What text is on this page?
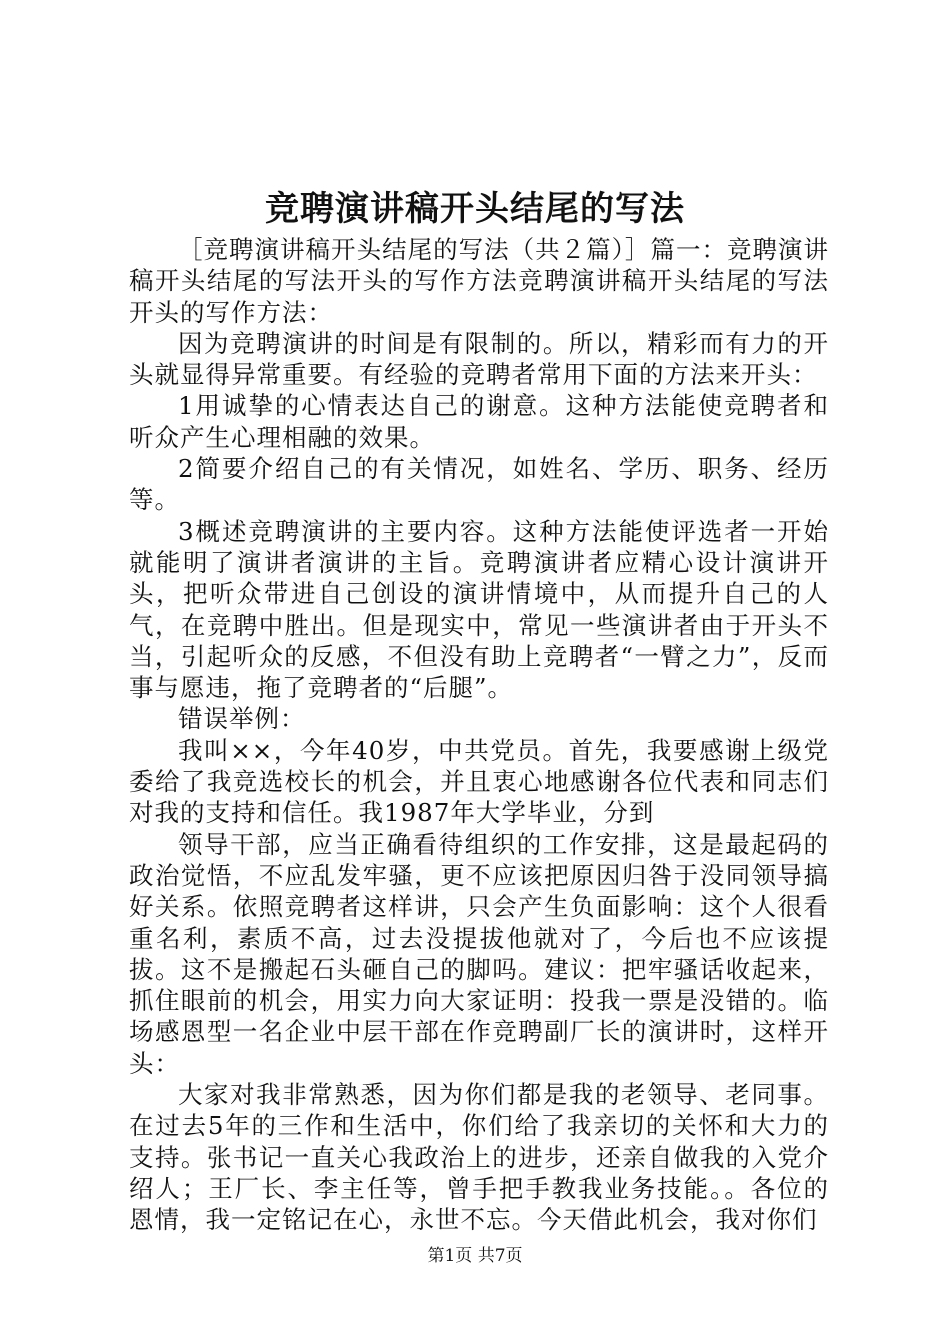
竞聘演讲稿开头结尾的写法

［竞聘演讲稿开头结尾的写法（共２篇）］篇一：竞聘演讲稿开头结尾的写法开头的写作方法竞聘演讲稿开头结尾的写法开头的写作方法：

因为竞聘演讲的时间是有限制的。所以，精彩而有力的开头就显得异常重要。有经验的竞聘者常用下面的方法来开头：

1用诚挚的心情表达自己的谢意。这种方法能使竞聘者和听众产生心理相融的效果。

2简要介绍自己的有关情况，如姓名、学历、职务、经历等。

3概述竞聘演讲的主要内容。这种方法能使评选者一开始就能明了演讲者演讲的主旨。竞聘演讲者应精心设计演讲开头，把听众带进自己创设的演讲情境中，从而提升自己的人气，在竞聘中胜出。但是现实中，常见一些演讲者由于开头不当，引起听众的反感，不但没有助上竞聘者“一臂之力”，反而事与愿违，拖了竞聘者的“后腿”。

错误举例：

我叫××，今年40岁，中共党员。首先，我要感谢上级党委给了我竞选校长的机会，并且衷心地感谢各位代表和同志们对我的支持和信任。我1987年大学毕业，分到

领导干部，应当正确看待组织的工作安排，这是最起码的政治觉悟，不应乱发牢骚，更不应该把原因归咎于没同领导搞好关系。依照竞聘者这样讲，只会产生负面影响：这个人很看重名利，素质不高，过去没提拔他就对了，今后也不应该提拔。这不是搬起石头砸自己的脚吗。建议：把牢骚话收起来，抓住眼前的机会，用实力向大家证明：投我一票是没错的。临场感恩型一名企业中层干部在作竞聘副厂长的演讲时，这样开头：

大家对我非常熟悉，因为你们都是我的老领导、老同事。在过去5年的三作和生活中，你们给了我亲切的关怀和大力的支持。张书记一直关心我政治上的进步，还亲自做我的入党介绍人；王厂长、李主任等，曾手把手教我业务技能。。各位的恩情，我一定铭记在心，永世不忘。今天借此机会，我对你们

第1页 共7页
